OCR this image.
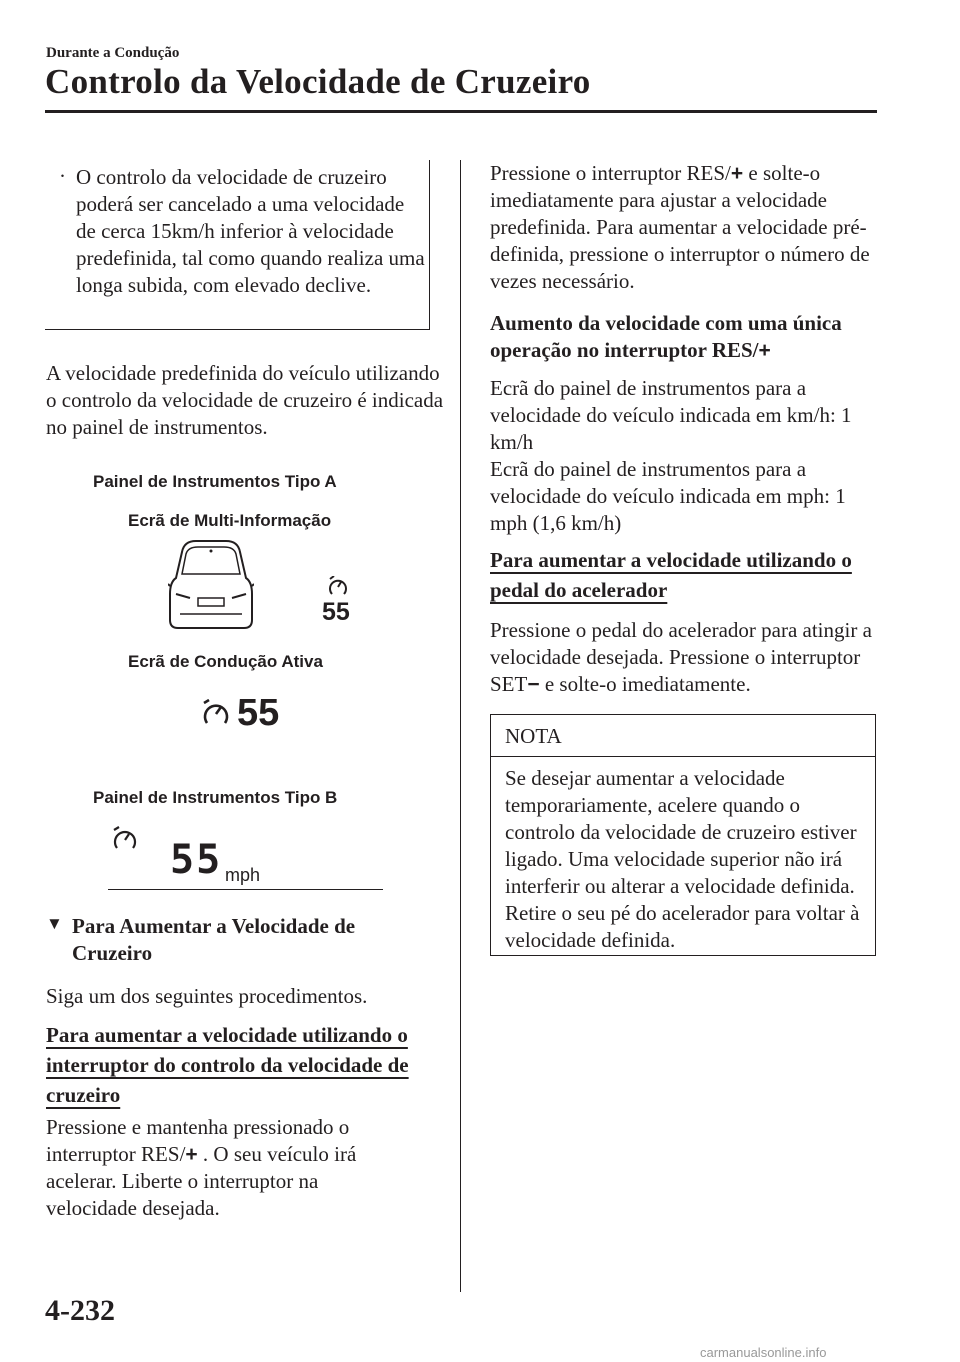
Durante a Condução
Controlo da Velocidade de Cruzeiro
· O controlo da velocidade de cruzeiro poderá ser cancelado a uma velocidade de cerca 15km/h inferior à velocidade predefinida, tal como quando realiza uma longa subida, com elevado declive.

A velocidade predefinida do veículo utilizando o controlo da velocidade de cruzeiro é indicada no painel de instrumentos.

Painel de Instrumentos Tipo A
Ecrã de Multi-Informação
55
Ecrã de Condução Ativa
55
Painel de Instrumentos Tipo B
55 mph
▼ Para Aumentar a Velocidade de Cruzeiro

Siga um dos seguintes procedimentos.

Para aumentar a velocidade utilizando o interruptor do controlo da velocidade de cruzeiro

Pressione e mantenha pressionado o interruptor RES/+ . O seu veículo irá acelerar. Liberte o interruptor na velocidade desejada.

Pressione o interruptor RES/+ e solte-o imediatamente para ajustar a velocidade predefinida. Para aumentar a velocidade pré-definida, pressione o interruptor o número de vezes necessário.

Aumento da velocidade com uma única operação no interruptor RES/+

Ecrã do painel de instrumentos para a velocidade do veículo indicada em km/h: 1 km/h

Ecrã do painel de instrumentos para a velocidade do veículo indicada em mph: 1 mph (1,6 km/h)

Para aumentar a velocidade utilizando o pedal do acelerador

Pressione o pedal do acelerador para atingir a velocidade desejada. Pressione o interruptor SET− e solte-o imediatamente.

NOTA

Se desejar aumentar a velocidade temporariamente, acelere quando o controlo da velocidade de cruzeiro estiver ligado. Uma velocidade superior não irá interferir ou alterar a velocidade definida. Retire o seu pé do acelerador para voltar à velocidade definida.

4-232
carmanualsonline.info
